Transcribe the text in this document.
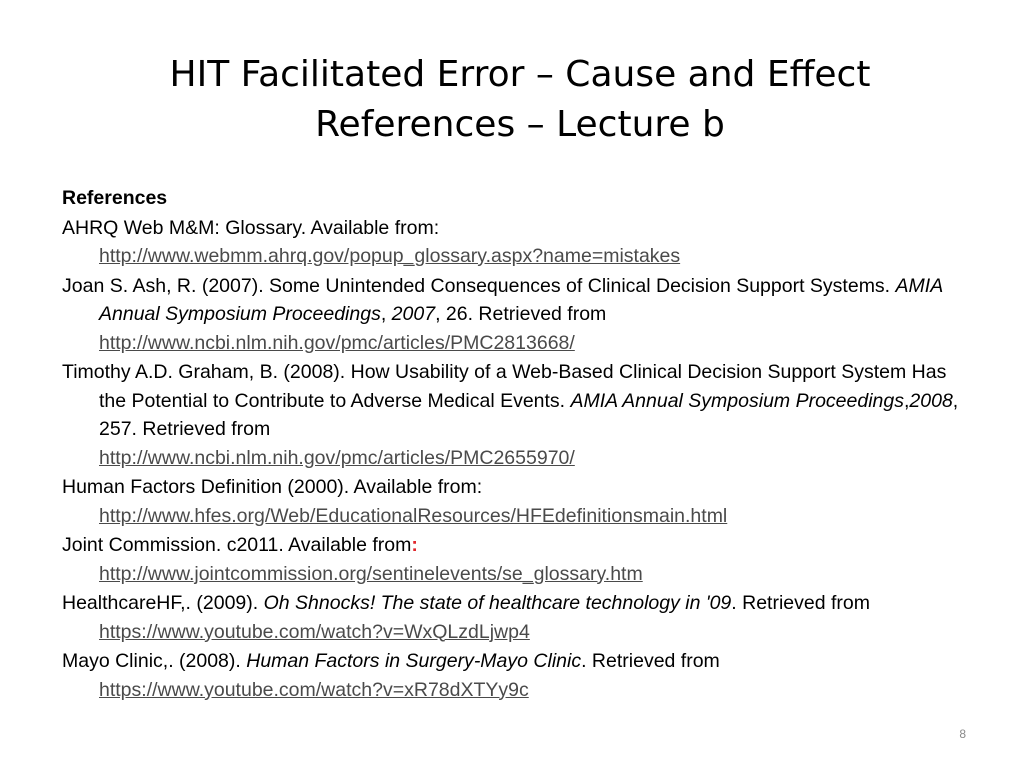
HIT Facilitated Error – Cause and Effect
References – Lecture b
References
AHRQ Web M&M: Glossary. Available from:
http://www.webmm.ahrq.gov/popup_glossary.aspx?name=mistakes
Joan S. Ash, R. (2007). Some Unintended Consequences of Clinical Decision Support Systems. AMIA Annual Symposium Proceedings, 2007, 26. Retrieved from
http://www.ncbi.nlm.nih.gov/pmc/articles/PMC2813668/
Timothy A.D. Graham, B. (2008). How Usability of a Web-Based Clinical Decision Support System Has the Potential to Contribute to Adverse Medical Events. AMIA Annual Symposium Proceedings,2008, 257. Retrieved from
http://www.ncbi.nlm.nih.gov/pmc/articles/PMC2655970/
Human Factors Definition (2000). Available from:
http://www.hfes.org/Web/EducationalResources/HFEdefinitionsmain.html
Joint Commission. c2011. Available from:
http://www.jointcommission.org/sentinelevents/se_glossary.htm
HealthcareHF,. (2009). Oh Shnocks! The state of healthcare technology in '09. Retrieved from https://www.youtube.com/watch?v=WxQLzdLjwp4
Mayo Clinic,. (2008). Human Factors in Surgery-Mayo Clinic. Retrieved from
https://www.youtube.com/watch?v=xR78dXTYy9c
8
